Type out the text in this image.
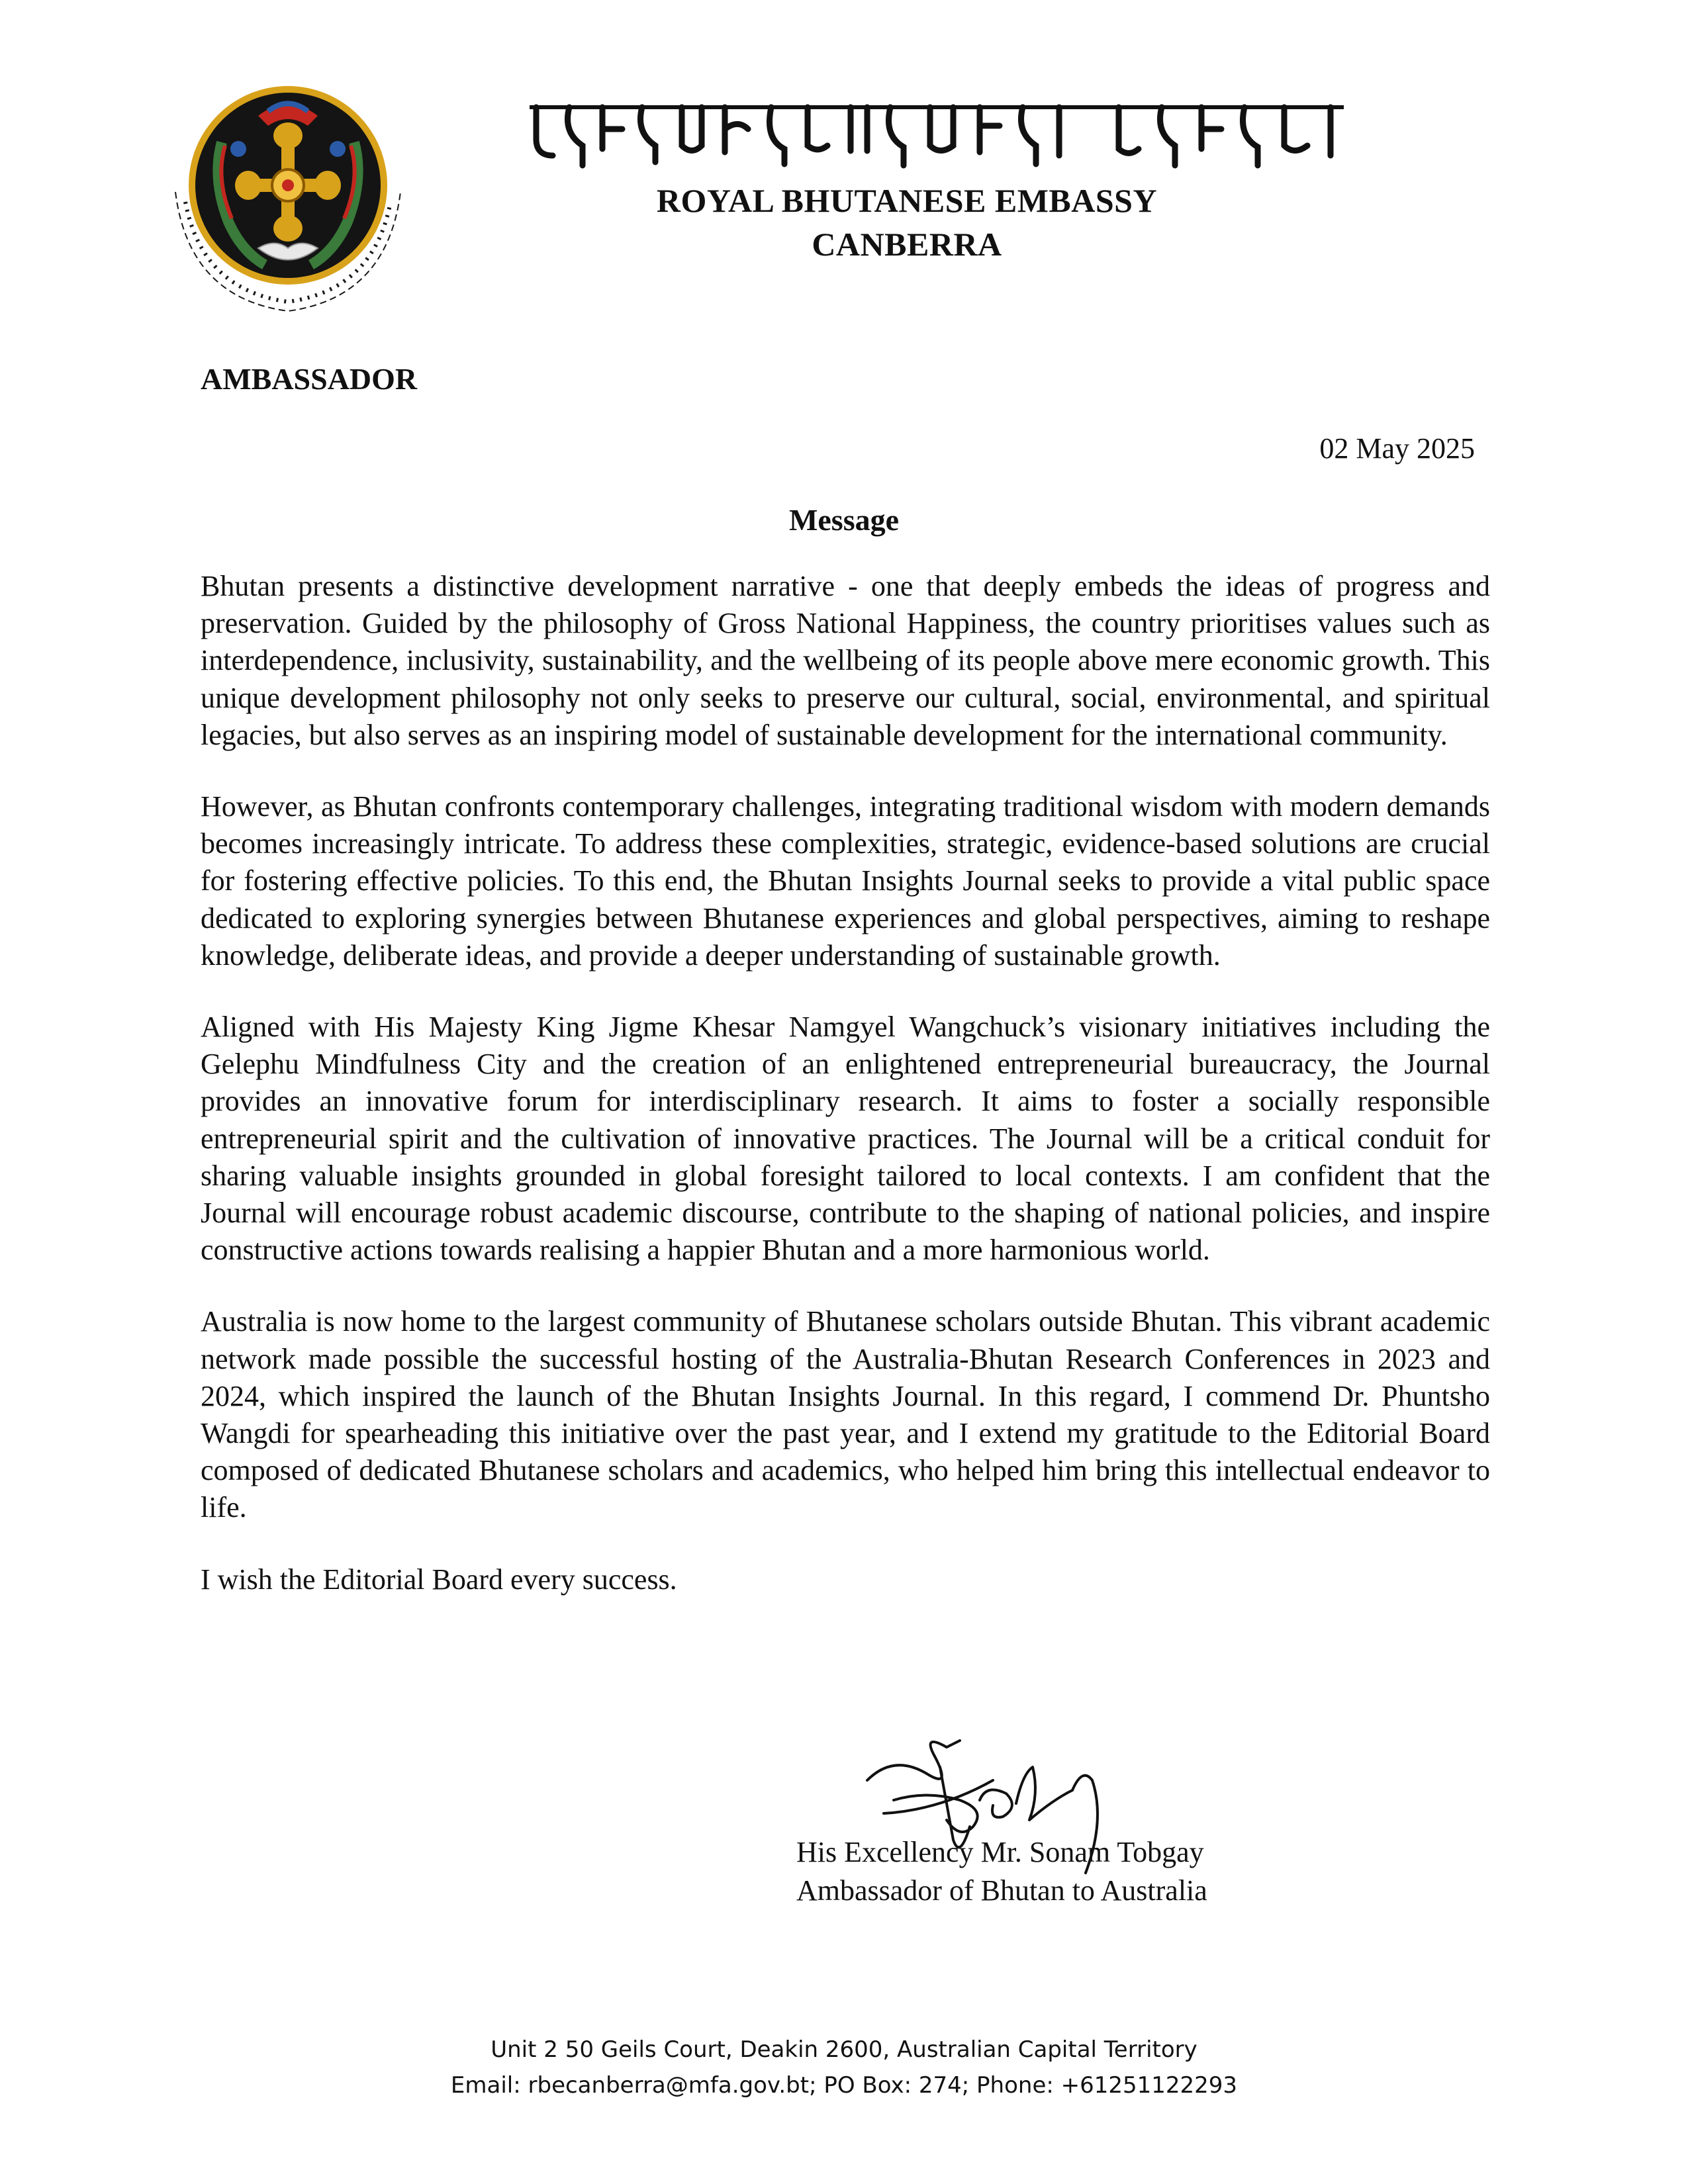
ROYAL BHUTANESE EMBASSY
CANBERRA
AMBASSADOR
02 May 2025
Message

Bhutan presents a distinctive development narrative - one that deeply embeds the ideas of progress and preservation. Guided by the philosophy of Gross National Happiness, the country prioritises values such as interdependence, inclusivity, sustainability, and the wellbeing of its people above mere economic growth. This unique development philosophy not only seeks to preserve our cultural, social, environmental, and spiritual legacies, but also serves as an inspiring model of sustainable development for the international community.

However, as Bhutan confronts contemporary challenges, integrating traditional wisdom with modern demands becomes increasingly intricate. To address these complexities, strategic, evidence-based solutions are crucial for fostering effective policies. To this end, the Bhutan Insights Journal seeks to provide a vital public space dedicated to exploring synergies between Bhutanese experiences and global perspectives, aiming to reshape knowledge, deliberate ideas, and provide a deeper understanding of sustainable growth.

Aligned with His Majesty King Jigme Khesar Namgyel Wangchuck’s visionary initiatives including the Gelephu Mindfulness City and the creation of an enlightened entrepreneurial bureaucracy, the Journal provides an innovative forum for interdisciplinary research. It aims to foster a socially responsible entrepreneurial spirit and the cultivation of innovative practices. The Journal will be a critical conduit for sharing valuable insights grounded in global foresight tailored to local contexts. I am confident that the Journal will encourage robust academic discourse, contribute to the shaping of national policies, and inspire constructive actions towards realising a happier Bhutan and a more harmonious world.

Australia is now home to the largest community of Bhutanese scholars outside Bhutan. This vibrant academic network made possible the successful hosting of the Australia-Bhutan Research Conferences in 2023 and 2024, which inspired the launch of the Bhutan Insights Journal. In this regard, I commend Dr. Phuntsho Wangdi for spearheading this initiative over the past year, and I extend my gratitude to the Editorial Board composed of dedicated Bhutanese scholars and academics, who helped him bring this intellectual endeavor to life.

I wish the Editorial Board every success.

His Excellency Mr. Sonam Tobgay
Ambassador of Bhutan to Australia
Unit 2 50 Geils Court, Deakin 2600, Australian Capital Territory
Email: rbecanberra@mfa.gov.bt; PO Box: 274; Phone: +61251122293
